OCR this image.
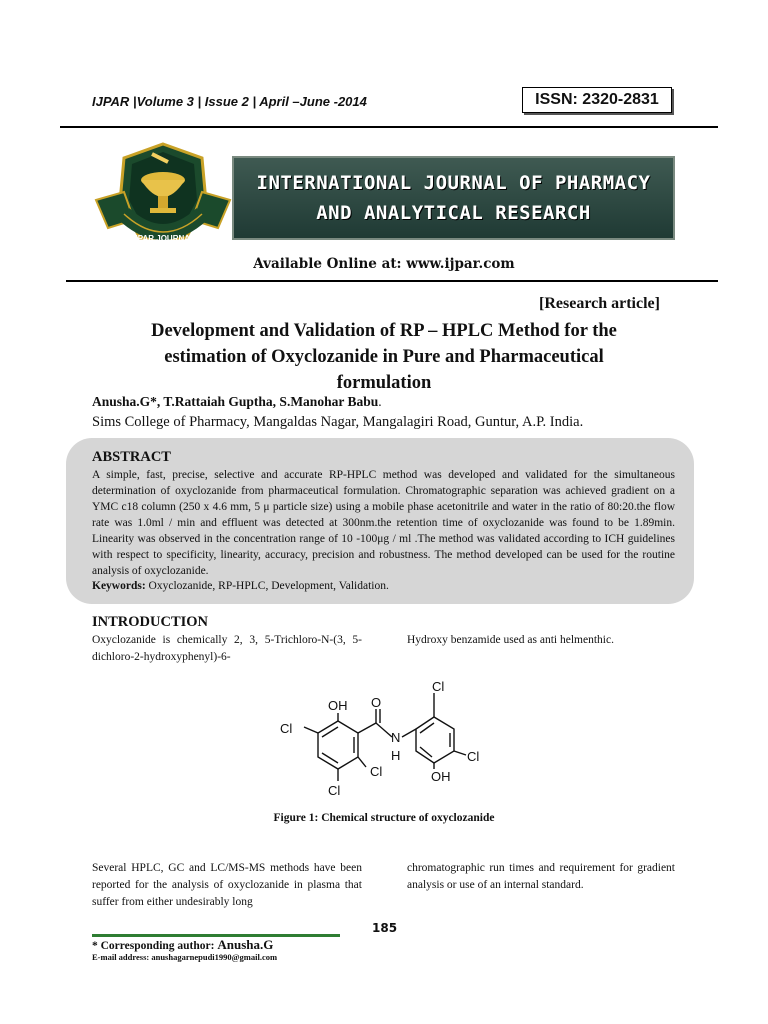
IJPAR |Volume 3 | Issue 2 | April –June -2014	ISSN: 2320-2831
IJPAR JOURNAL
INTERNATIONAL JOURNAL OF PHARMACY
AND ANALYTICAL RESEARCH
Available Online at: www.ijpar.com
[Research article]
Development and Validation of RP – HPLC Method for the
estimation of Oxyclozanide in Pure and Pharmaceutical
formulation
Anusha.G*, T.Rattaiah Guptha, S.Manohar Babu.
Sims College of Pharmacy, Mangaldas Nagar, Mangalagiri Road, Guntur, A.P. India.
ABSTRACT
A simple, fast, precise, selective and accurate RP-HPLC method was developed and validated for the simultaneous determination of oxyclozanide from pharmaceutical formulation. Chromatographic separation was achieved gradient on a YMC c18 column (250 x 4.6 mm, 5 μ particle size) using a mobile phase acetonitrile and water in the ratio of 80:20.the flow rate was 1.0ml / min and effluent was detected at 300nm.the retention time of oxyclozanide was found to be 1.89min. Linearity was observed in the concentration range of 10 -100μg / ml .The method was validated according to ICH guidelines with respect to specificity, linearity, accuracy, precision and robustness. The method developed can be used for the routine analysis of oxyclozanide.
Keywords: Oxyclozanide, RP-HPLC, Development, Validation.
INTRODUCTION
Oxyclozanide is chemically 2, 3, 5-Trichloro-N-(3, 5-dichloro-2-hydroxyphenyl)-6-
Hydroxy benzamide used as anti helmenthic.
Cl
OH O
Cl
N
H	Cl
Cl	OH
Cl
Figure 1: Chemical structure of oxyclozanide
Several HPLC, GC and LC/MS-MS methods have been reported for the analysis of oxyclozanide in plasma that suffer from either undesirably long
chromatographic run times and requirement for gradient analysis or use of an internal standard.
185
* Corresponding author: Anusha.G
E-mail address: anushagarnepudi1990@gmail.com
